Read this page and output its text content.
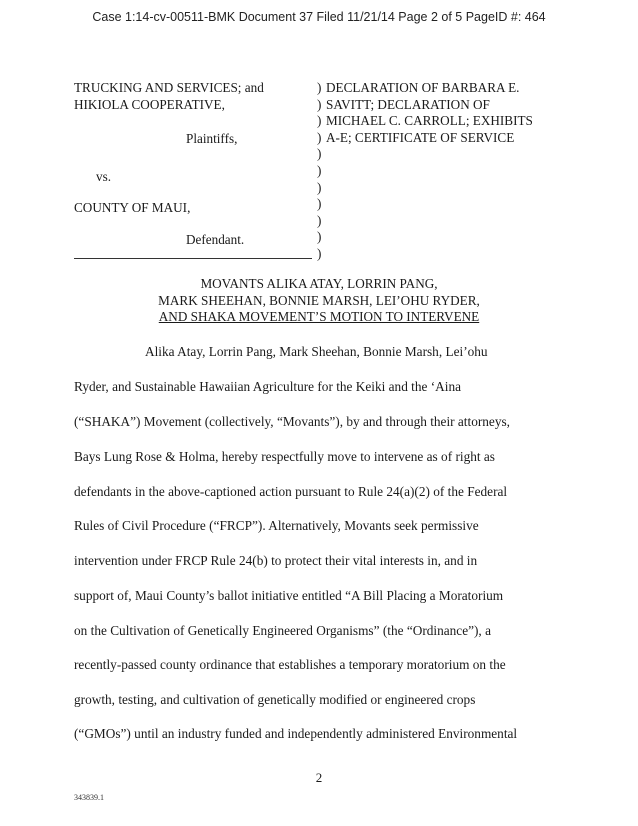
Case 1:14-cv-00511-BMK Document 37 Filed 11/21/14 Page 2 of 5 PageID #: 464
TRUCKING AND SERVICES; and
HIKIOLA COOPERATIVE,
Plaintiffs,
vs.
COUNTY OF MAUI,
Defendant.
)
)
)
)
)
)
)
)
)
)
)
DECLARATION OF BARBARA E.
SAVITT; DECLARATION OF
MICHAEL C. CARROLL; EXHIBITS
A-E; CERTIFICATE OF SERVICE
MOVANTS ALIKA ATAY, LORRIN PANG,
MARK SHEEHAN, BONNIE MARSH, LEI’OHU RYDER,
AND SHAKA MOVEMENT’S MOTION TO INTERVENE
Alika Atay, Lorrin Pang, Mark Sheehan, Bonnie Marsh, Lei’ohu
Ryder, and Sustainable Hawaiian Agriculture for the Keiki and the ‘Aina
(“SHAKA”) Movement (collectively, “Movants”), by and through their attorneys,
Bays Lung Rose & Holma, hereby respectfully move to intervene as of right as
defendants in the above-captioned action pursuant to Rule 24(a)(2) of the Federal
Rules of Civil Procedure (“FRCP”). Alternatively, Movants seek permissive
intervention under FRCP Rule 24(b) to protect their vital interests in, and in
support of, Maui County’s ballot initiative entitled “A Bill Placing a Moratorium
on the Cultivation of Genetically Engineered Organisms” (the “Ordinance”), a
recently-passed county ordinance that establishes a temporary moratorium on the
growth, testing, and cultivation of genetically modified or engineered crops
(“GMOs”) until an industry funded and independently administered Environmental
2
343839.1
